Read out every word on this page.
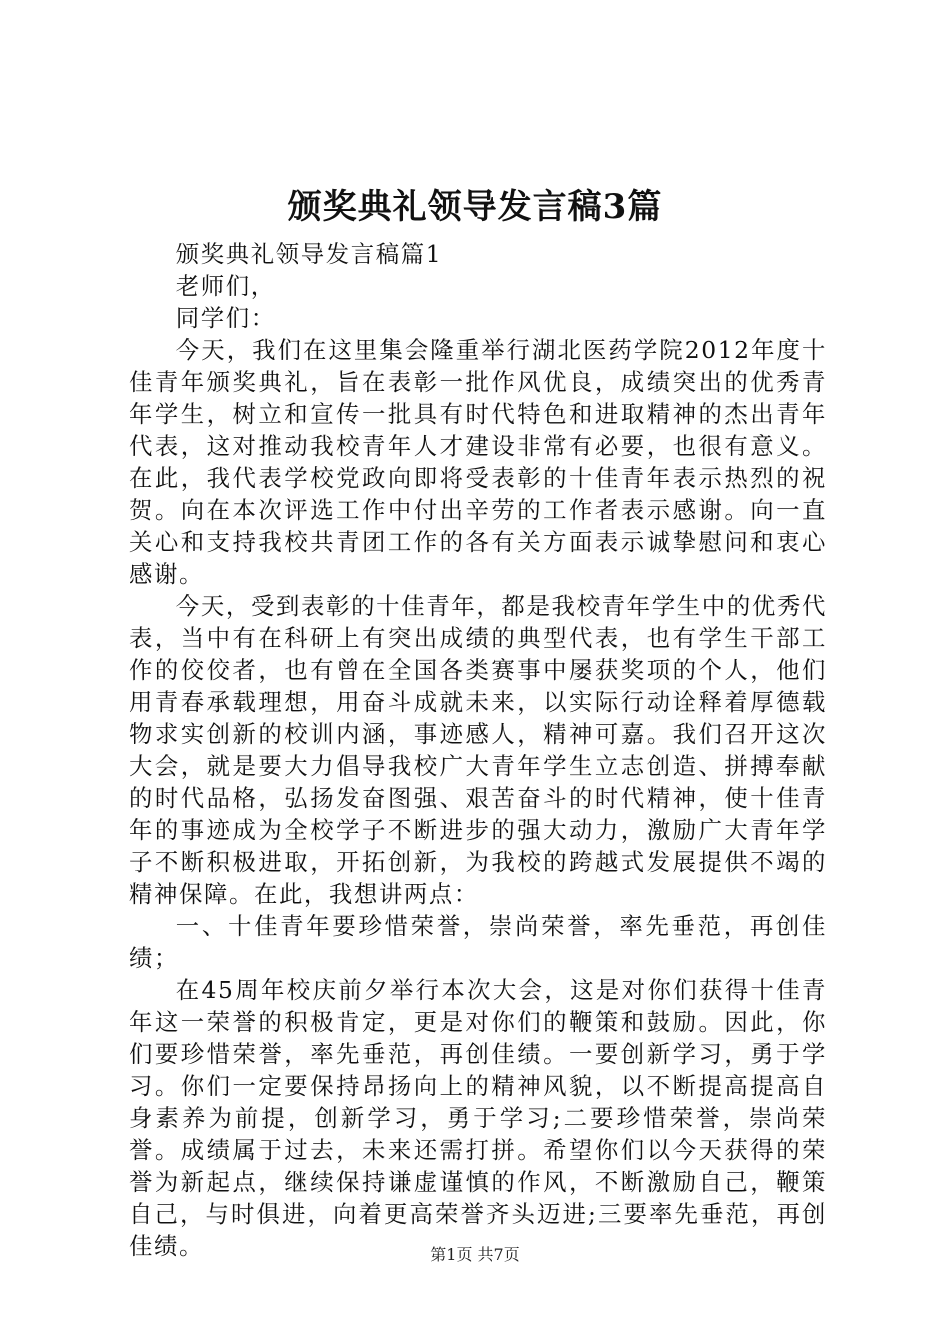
颁奖典礼领导发言稿3篇

颁奖典礼领导发言稿篇1

老师们，

同学们：

今天，我们在这里集会隆重举行湖北医药学院2012年度十佳青年颁奖典礼，旨在表彰一批作风优良，成绩突出的优秀青年学生，树立和宣传一批具有时代特色和进取精神的杰出青年代表，这对推动我校青年人才建设非常有必要，也很有意义。在此，我代表学校党政向即将受表彰的十佳青年表示热烈的祝贺。向在本次评选工作中付出辛劳的工作者表示感谢。向一直关心和支持我校共青团工作的各有关方面表示诚挚慰问和衷心感谢。

今天，受到表彰的十佳青年，都是我校青年学生中的优秀代表，当中有在科研上有突出成绩的典型代表，也有学生干部工作的佼佼者，也有曾在全国各类赛事中屡获奖项的个人，他们用青春承载理想，用奋斗成就未来，以实际行动诠释着厚德载物求实创新的校训内涵，事迹感人，精神可嘉。我们召开这次大会，就是要大力倡导我校广大青年学生立志创造、拼搏奉献的时代品格，弘扬发奋图强、艰苦奋斗的时代精神，使十佳青年的事迹成为全校学子不断进步的强大动力，激励广大青年学子不断积极进取，开拓创新，为我校的跨越式发展提供不竭的精神保障。在此，我想讲两点：

一、十佳青年要珍惜荣誉，崇尚荣誉，率先垂范，再创佳绩；

在45周年校庆前夕举行本次大会，这是对你们获得十佳青年这一荣誉的积极肯定，更是对你们的鞭策和鼓励。因此，你们要珍惜荣誉，率先垂范，再创佳绩。一要创新学习，勇于学习。你们一定要保持昂扬向上的精神风貌，以不断提高提高自身素养为前提，创新学习，勇于学习;二要珍惜荣誉，崇尚荣誉。成绩属于过去，未来还需打拼。希望你们以今天获得的荣誉为新起点，继续保持谦虚谨慎的作风，不断激励自己，鞭策自己，与时俱进，向着更高荣誉齐头迈进;三要率先垂范，再创佳绩。	第1页 共7页
